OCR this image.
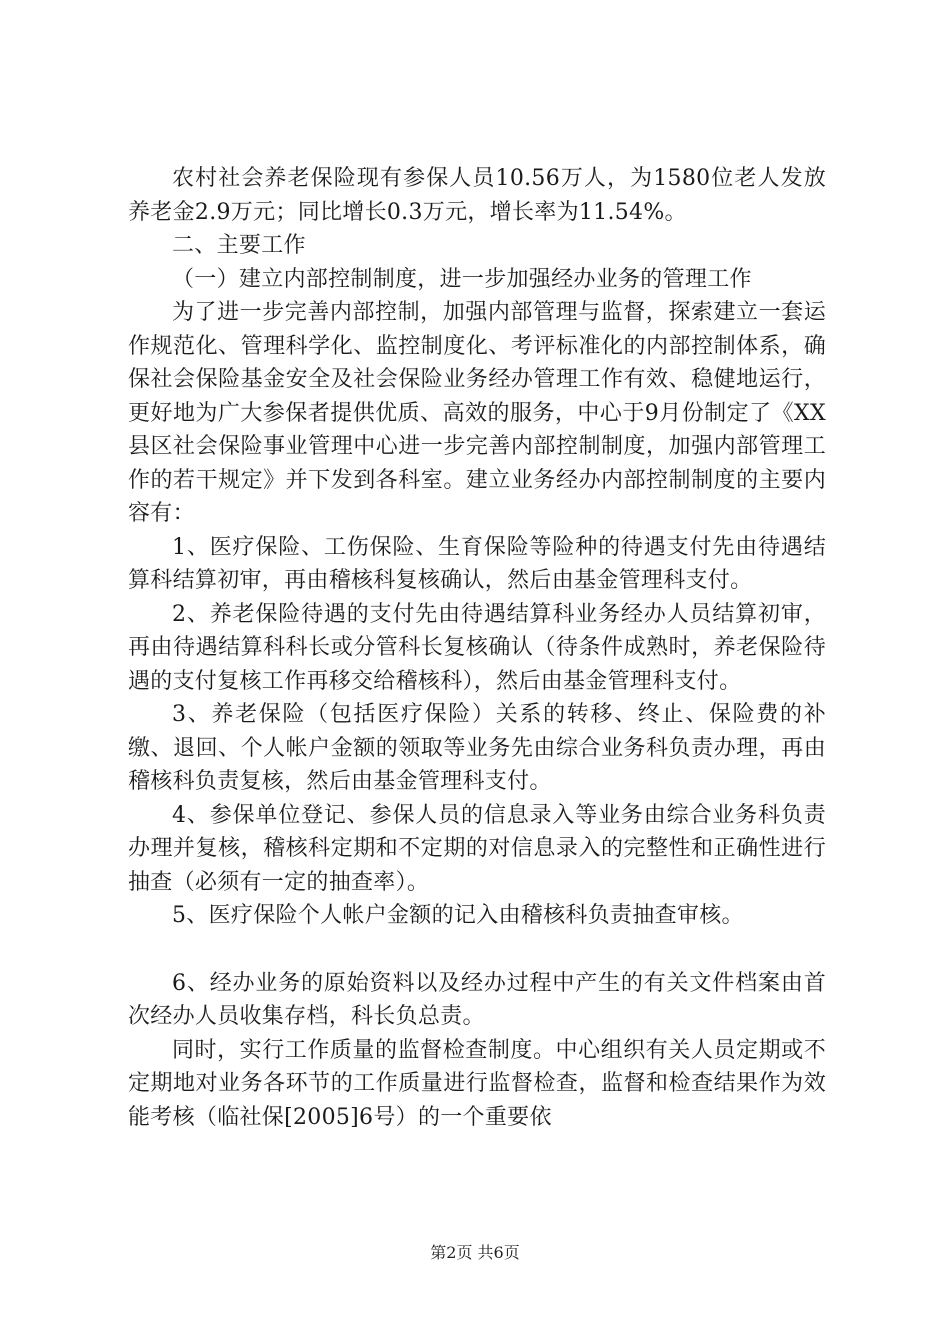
农村社会养老保险现有参保人员10.56万人，为1580位老人发放养老金2.9万元；同比增长0.3万元，增长率为11.54%。

二、主要工作

（一）建立内部控制制度，进一步加强经办业务的管理工作

为了进一步完善内部控制，加强内部管理与监督，探索建立一套运作规范化、管理科学化、监控制度化、考评标准化的内部控制体系，确保社会保险基金安全及社会保险业务经办管理工作有效、稳健地运行，更好地为广大参保者提供优质、高效的服务，中心于9月份制定了《XX县区社会保险事业管理中心进一步完善内部控制制度，加强内部管理工作的若干规定》并下发到各科室。建立业务经办内部控制制度的主要内容有：

1、医疗保险、工伤保险、生育保险等险种的待遇支付先由待遇结算科结算初审，再由稽核科复核确认，然后由基金管理科支付。

2、养老保险待遇的支付先由待遇结算科业务经办人员结算初审，再由待遇结算科科长或分管科长复核确认（待条件成熟时，养老保险待遇的支付复核工作再移交给稽核科），然后由基金管理科支付。

3、养老保险（包括医疗保险）关系的转移、终止、保险费的补缴、退回、个人帐户金额的领取等业务先由综合业务科负责办理，再由稽核科负责复核，然后由基金管理科支付。

4、参保单位登记、参保人员的信息录入等业务由综合业务科负责办理并复核，稽核科定期和不定期的对信息录入的完整性和正确性进行抽查（必须有一定的抽查率）。

5、医疗保险个人帐户金额的记入由稽核科负责抽查审核。

6、经办业务的原始资料以及经办过程中产生的有关文件档案由首次经办人员收集存档，科长负总责。

同时，实行工作质量的监督检查制度。中心组织有关人员定期或不定期地对业务各环节的工作质量进行监督检查，监督和检查结果作为效能考核（临社保[2005]6号）的一个重要依

第2页 共6页
